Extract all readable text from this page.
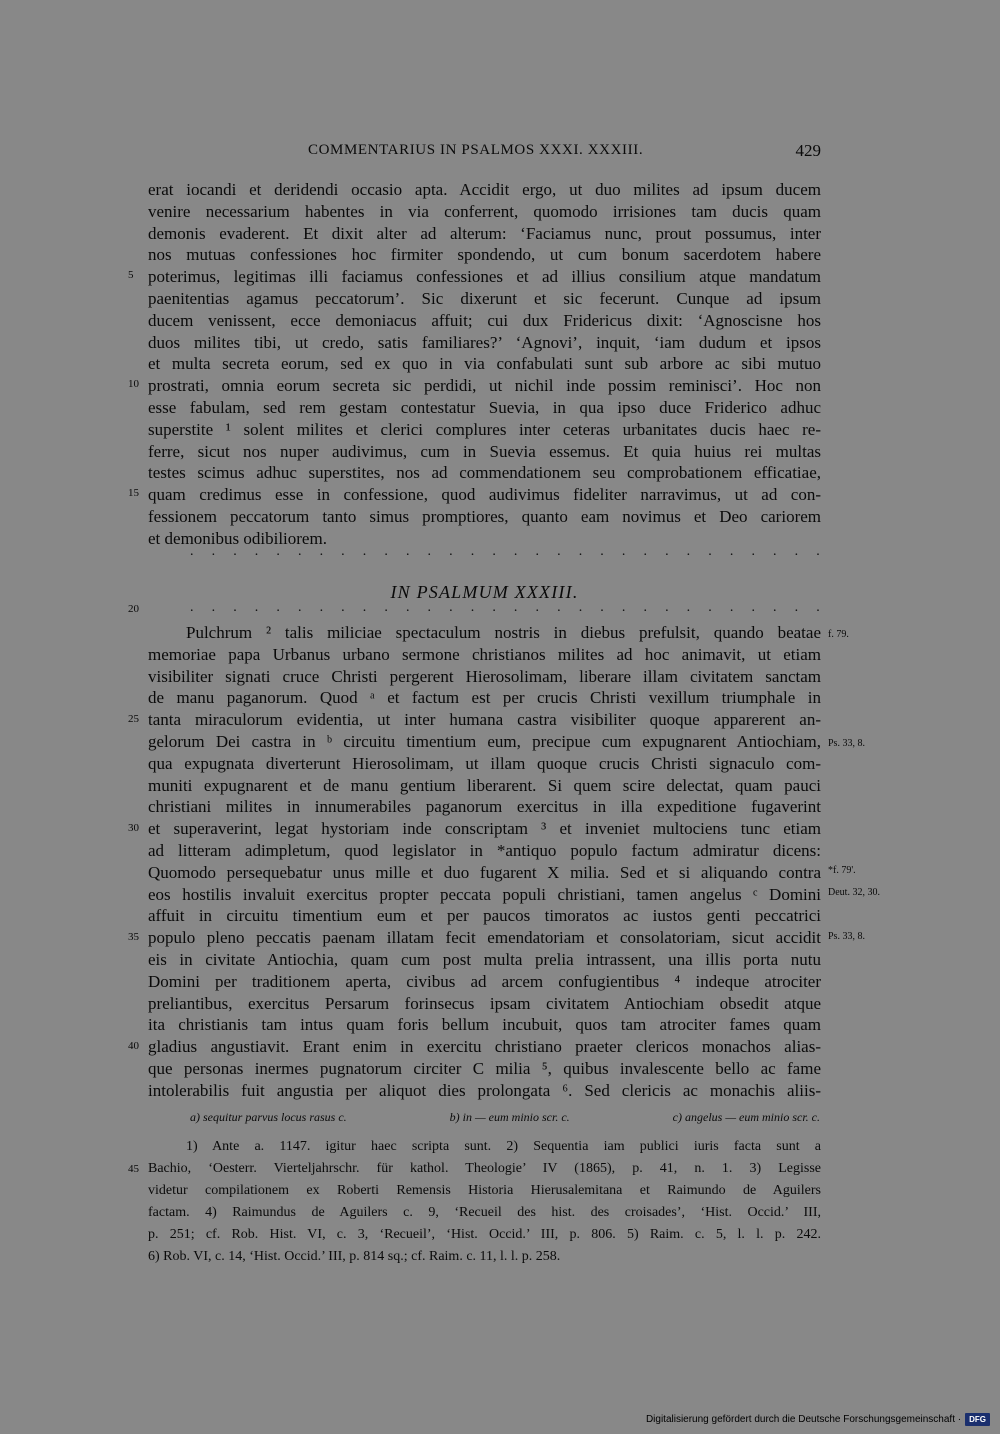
COMMENTARIUS IN PSALMOS XXXI. XXXIII.	429
erat iocandi et deridendi occasio apta. Accidit ergo, ut duo milites ad ipsum ducem
venire necessarium habentes in via conferrent, quomodo irrisiones tam ducis quam
demonis evaderent. Et dixit alter ad alterum: ‘Faciamus nunc, prout possumus, inter
nos mutuas confessiones hoc firmiter spondendo, ut cum bonum sacerdotem habere
poterimus, legitimas illi faciamus confessiones et ad illius consilium atque mandatum
paenitentias agamus peccatorum’. Sic dixerunt et sic fecerunt. Cunque ad ipsum
ducem venissent, ecce demoniacus affuit; cui dux Fridericus dixit: ‘Agnoscisne hos
duos milites tibi, ut credo, satis familiares?’ ‘Agnovi’, inquit, ‘iam dudum et ipsos
et multa secreta eorum, sed ex quo in via confabulati sunt sub arbore ac sibi mutuo
prostrati, omnia eorum secreta sic perdidi, ut nichil inde possim reminisci’. Hoc non
esse fabulam, sed rem gestam contestatur Suevia, in qua ipso duce Friderico adhuc
superstite ¹ solent milites et clerici complures inter ceteras urbanitates ducis haec re-
ferre, sicut nos nuper audivimus, cum in Suevia essemus. Et quia huius rei multas
testes scimus adhuc superstites, nos ad commendationem seu comprobationem efficatiae,
quam credimus esse in confessione, quod audivimus fideliter narravimus, ut ad con-
fessionem peccatorum tanto simus promptiores, quanto eam novimus et Deo cariorem
et demonibus odibiliorem.
. . . . . . . . . . . . . . . . . . . . . . . . . . . . . .
IN PSALMUM XXXIII.
. . . . . . . . . . . . . . . . . . . . . . . . . . . . . .
Pulchrum ² talis miliciae spectaculum nostris in diebus prefulsit, quando beatae
memoriae papa Urbanus urbano sermone christianos milites ad hoc animavit, ut etiam
visibiliter signati cruce Christi pergerent Hierosolimam, liberare illam civitatem sanctam
de manu paganorum. Quod ᵃ et factum est per crucis Christi vexillum triumphale in
tanta miraculorum evidentia, ut inter humana castra visibiliter quoque apparerent an-
gelorum Dei castra in ᵇ circuitu timentium eum, precipue cum expugnarent Antiochiam,
qua expugnata diverterunt Hierosolimam, ut illam quoque crucis Christi signaculo com-
muniti expugnarent et de manu gentium liberarent. Si quem scire delectat, quam pauci
christiani milites in innumerabiles paganorum exercitus in illa expeditione fugaverint
et superaverint, legat hystoriam inde conscriptam ³ et inveniet multociens tunc etiam
ad litteram adimpletum, quod legislator in *antiquo populo factum admiratur dicens:
Quomodo persequebatur unus mille et duo fugarent X milia. Sed et si aliquando contra
eos hostilis invaluit exercitus propter peccata populi christiani, tamen angelus ᶜ Domini
affuit in circuitu timentium eum et per paucos timoratos ac iustos genti peccatrici
populo pleno peccatis paenam illatam fecit emendatoriam et consolatoriam, sicut accidit
eis in civitate Antiochia, quam cum post multa prelia intrassent, una illis porta nutu
Domini per traditionem aperta, civibus ad arcem confugientibus ⁴ indeque atrociter
preliantibus, exercitus Persarum forinsecus ipsam civitatem Antiochiam obsedit atque
ita christianis tam intus quam foris bellum incubuit, quos tam atrociter fames quam
gladius angustiavit. Erant enim in exercitu christiano praeter clericos monachos alias-
que personas inermes pugnatorum circiter C milia ⁵, quibus invalescente bello ac fame
intolerabilis fuit angustia per aliquot dies prolongata ⁶. Sed clericis ac monachis aliis-
5
10
15
20
25
30
35
40
45
f. 79.
Ps. 33, 8.
*f. 79'.
Deut. 32, 30.
Ps. 33, 8.
a) sequitur parvus locus rasus c.	b) in — eum minio scr. c.	c) angelus — eum minio scr. c.
1) Ante a. 1147. igitur haec scripta sunt. 2) Sequentia iam publici iuris facta sunt a
Bachio, ‘Oesterr. Vierteljahrschr. für kathol. Theologie’ IV (1865), p. 41, n. 1. 3) Legisse
videtur compilationem ex Roberti Remensis Historia Hierusalemitana et Raimundo de Aguilers
factam. 4) Raimundus de Aguilers c. 9, ‘Recueil des hist. des croisades’, ‘Hist. Occid.’ III,
p. 251; cf. Rob. Hist. VI, c. 3, ‘Recueil’, ‘Hist. Occid.’ III, p. 806. 5) Raim. c. 5, l. l. p. 242.
6) Rob. VI, c. 14, ‘Hist. Occid.’ III, p. 814 sq.; cf. Raim. c. 11, l. l. p. 258.
Digitalisierung gefördert durch die Deutsche Forschungsgemeinschaft ·	DFG
